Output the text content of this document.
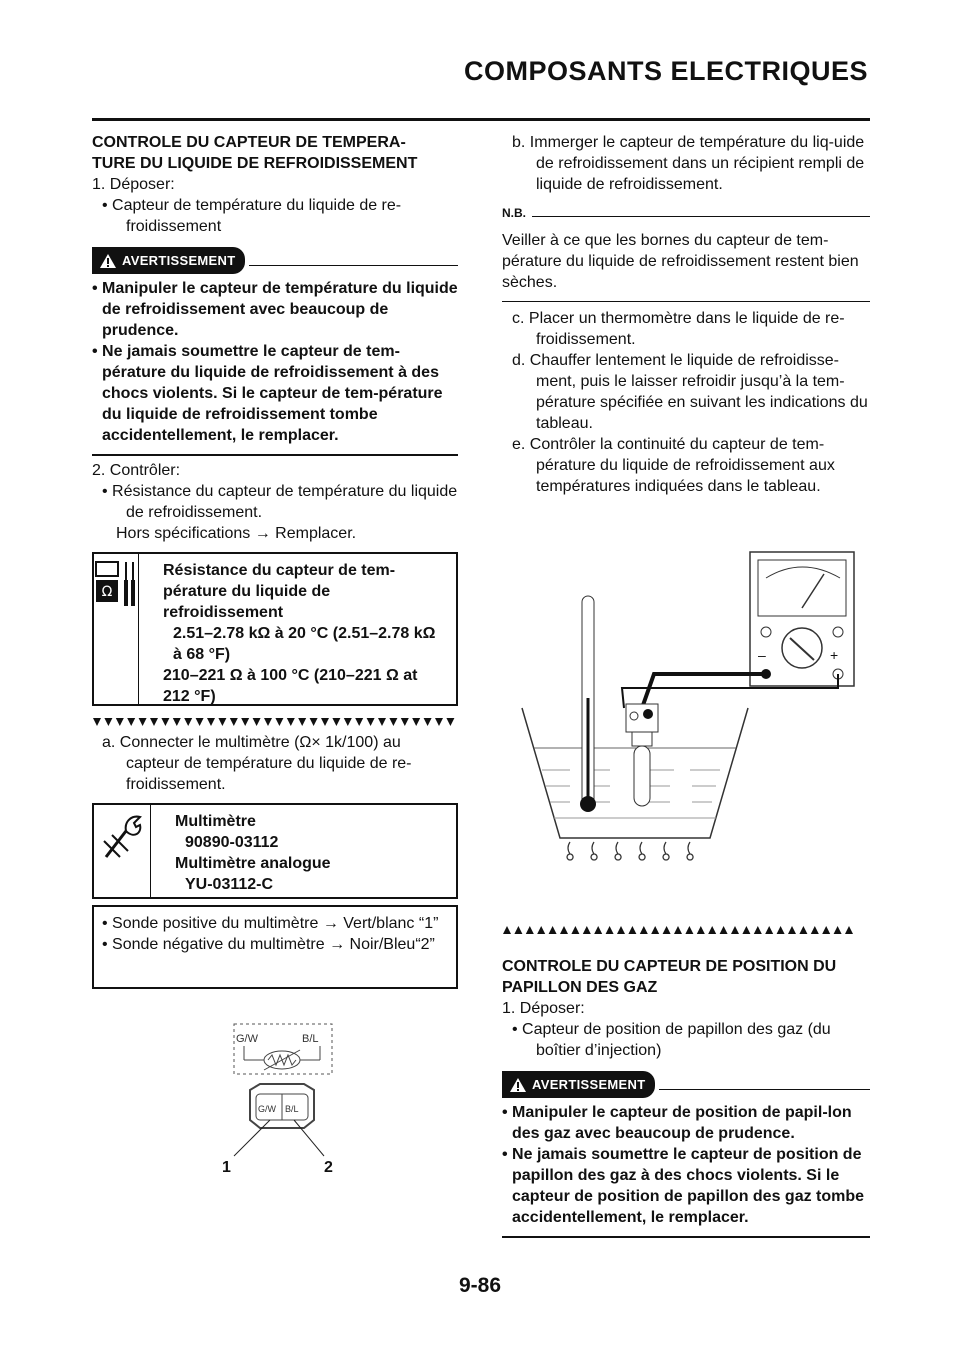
COMPOSANTS ELECTRIQUES

CONTROLE DU CAPTEUR DE TEMPERA-
TURE DU LIQUIDE DE REFROIDISSEMENT

1. Déposer:

• Capteur de température du liquide de re-froidissement

AVERTISSEMENT

• Manipuler le capteur de température du liquide de refroidissement avec beaucoup de prudence.

• Ne jamais soumettre le capteur de tem-pérature du liquide de refroidissement à des chocs violents. Si le capteur de tem-pérature du liquide de refroidissement tombe accidentellement, le remplacer.

2. Contrôler:

• Résistance du capteur de température du liquide de refroidissement.

Hors spécifications → Remplacer.

Ω

Résistance du capteur de tem-pérature du liquide de refroidissement

2.51–2.78 kΩ à 20 °C (2.51–2.78 kΩ à 68 °F)

210–221 Ω à 100 °C (210–221 Ω at 212 °F)

a. Connecter le multimètre (Ω× 1k/100) au capteur de température du liquide de re-froidissement.

Multimètre

90890-03112

Multimètre analogue

YU-03112-C

• Sonde positive du multimètre → Vert/blanc “1”

• Sonde négative du multimètre → Noir/Bleu“2”

G/W	B/L
G/W B/L
1	2

b. Immerger le capteur de température du liq-uide de refroidissement dans un récipient rempli de liquide de refroidissement.

N.B.

Veiller à ce que les bornes du capteur de tem-pérature du liquide de refroidissement restent bien sèches.

c. Placer un thermomètre dans le liquide de re-froidissement.

d. Chauffer lentement le liquide de refroidisse-ment, puis le laisser refroidir jusqu’à la tem-pérature spécifiée en suivant les indications du tableau.

e. Contrôler la continuité du capteur de tem-pérature du liquide de refroidissement aux températures indiquées dans le tableau.

–	+

CONTROLE DU CAPTEUR DE POSITION DU PAPILLON DES GAZ

1. Déposer:

• Capteur de position de papillon des gaz (du boîtier d’injection)

AVERTISSEMENT

• Manipuler le capteur de position de papil-lon des gaz avec beaucoup de prudence.

• Ne jamais soumettre le capteur de position de papillon des gaz à des chocs violents. Si le capteur de position de papillon des gaz tombe accidentellement, le remplacer.

9-86
